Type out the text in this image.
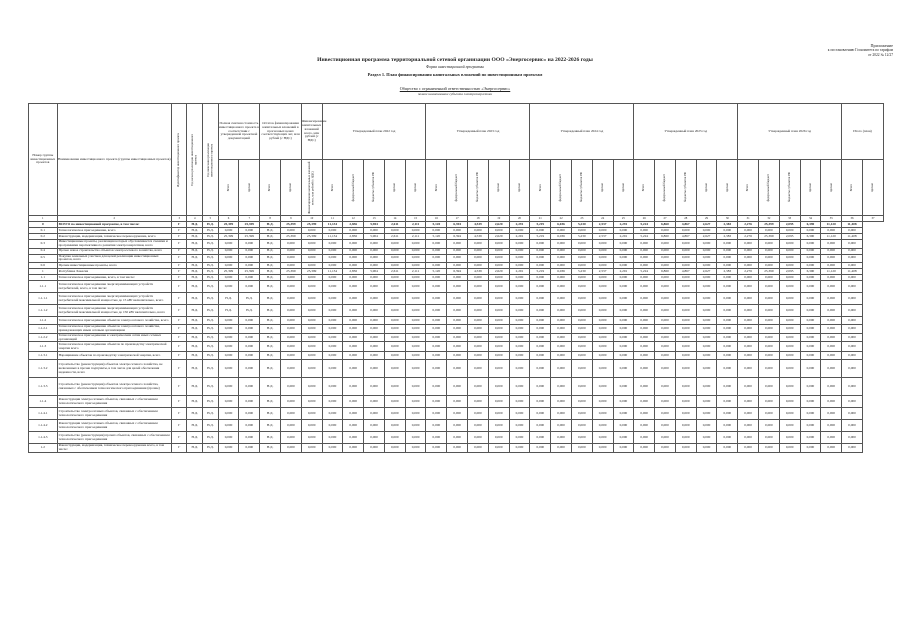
Приложение
к постановлению Госкомитета по тарифам
от 2022 № 12/27
Инвестиционная программа территориальной сетевой организации ООО «Энергосервис» на 2022-2026 годы
Форма инвестиционной программы
Раздел 1. План финансирования капитальных вложений по инвестиционным проектам
Общество с ограниченной ответственностью «Энергосервис»
полное наименование субъекта электроэнергетики
Номер группы инвестиционных проектов	Наименование инвестиционного проекта (группы инвестиционных проектов)	Идентификатор инвестиционного проекта	Год начала реализации инвестиционного проекта	Год окончания реализации инвестиционного проекта	Полная сметная стоимость инвестиционного проекта в соответствии с утвержденной проектной документацией		Остаток финансирования капитальных вложений в прогнозных ценах соответствующих лет, млн рублей (с НДС)		Финансирование капитальных вложений всего, млн рублей (с НДС)	Утвержденный план 2022 год					Утвержденный план 2023 год					Утвержденный план 2024 год					Утвержденный план 2025 год					Утвержденный план 2026 год					Итого (план)	

					Всего	прочие	Всего	прочие	Финансирование капитальных вложений всего, млн рублей (с НДС)	Всего	федеральный бюджет	бюджеты субъектов РФ	прочие	прочие	Всего	федеральный бюджет	бюджеты субъектов РФ	прочие	прочие	Всего	федеральный бюджет	бюджеты субъектов РФ	прочие	прочие	Всего	федеральный бюджет	бюджеты субъектов РФ	прочие	прочие	Всего	федеральный бюджет	бюджеты субъектов РФ	прочие	прочие	Всего	прочие

1	2	3	4	5	6	7	8	9	10	11	12	13	14	15	16	17	18	19	20	21	22	23	24	25	26	27	28	29	30	31	32	33	34	35	36	37
0	ВСЕГО по инвестиционной программе, в том числе:	Г	Н.Д.	Н.Д.	25,399	25,399	Н.Д.	25,399	25,399	11,134	2,836	5,904	2,611	2,111	5,120	6,394	4,539	2,620	2,291	5,219	6,036	5,230	2,537	2,291	5,224	6,860	4,867	2,627	2,383	2,276	25,399	2,095	6,390	11,120	11,408	
0.1	Технологическое присоединение, всего	Г	Н.Д.	Н.Д.	0,000	0,000	Н.Д.	0,000	0,000	0,000	0,000	0,000	0,000	0,000	0,000	0,000	0,000	0,000	0,000	0,000	0,000	0,000	0,000	0,000	0,000	0,000	0,000	0,000	0,000	0,000	0,000	0,000	0,000	0,000	0,000	
0.2	Реконструкция, модернизация, техническое перевооружение, всего	Г	Н.Д.	Н.Д.	25,399	25,399	Н.Д.	25,399	25,399	11,134	2,836	5,904	2,611	2,111	5,120	6,394	4,539	2,620	2,291	5,219	6,036	5,230	2,537	2,291	5,224	6,860	4,867	2,627	2,383	2,276	25,399	2,095	6,390	11,120	11,408	
0.3	Инвестиционные проекты, реализация которых обуславливается схемами и программами перспективного развития электроэнергетики, всего	Г	Н.Д.	Н.Д.	0,000	0,000	Н.Д.	0,000	0,000	0,000	0,000	0,000	0,000	0,000	0,000	0,000	0,000	0,000	0,000	0,000	0,000	0,000	0,000	0,000	0,000	0,000	0,000	0,000	0,000	0,000	0,000	0,000	0,000	0,000	0,000	
0.4	Прочее новое строительство объектов электросетевого хозяйства, всего	Г	Н.Д.	Н.Д.	0,000	0,000	Н.Д.	0,000	0,000	0,000	0,000	0,000	0,000	0,000	0,000	0,000	0,000	0,000	0,000	0,000	0,000	0,000	0,000	0,000	0,000	0,000	0,000	0,000	0,000	0,000	0,000	0,000	0,000	0,000	0,000	
0.5	Покупка земельных участков для целей реализации инвестиционных проектов, всего	Г	Н.Д.	Н.Д.	0,000	0,000	Н.Д.	0,000	0,000	0,000	0,000	0,000	0,000	0,000	0,000	0,000	0,000	0,000	0,000	0,000	0,000	0,000	0,000	0,000	0,000	0,000	0,000	0,000	0,000	0,000	0,000	0,000	0,000	0,000	0,000	
0.6	Прочие инвестиционные проекты, всего	Г	Н.Д.	Н.Д.	0,000	0,000	Н.Д.	0,000	0,000	0,000	0,000	0,000	0,000	0,000	0,000	0,000	0,000	0,000	0,000	0,000	0,000	0,000	0,000	0,000	0,000	0,000	0,000	0,000	0,000	0,000	0,000	0,000	0,000	0,000	0,000	
1	Республика Хакасия	Г	Н.Д.	Н.Д.	25,399	25,399	Н.Д.	25,399	25,399	11,134	2,836	5,904	2,611	2,111	5,120	6,394	4,539	2,620	2,291	5,219	6,036	5,230	2,537	2,291	5,224	6,860	4,867	2,627	2,383	2,276	25,399	2,095	6,390	11,120	11,408	
1.1	Технологическое присоединение, всего, в том числе:	Г	Н.Д.	Н.Д.	0,000	0,000	Н.Д.	0,000	0,000	0,000	0,000	0,000	0,000	0,000	0,000	0,000	0,000	0,000	0,000	0,000	0,000	0,000	0,000	0,000	0,000	0,000	0,000	0,000	0,000	0,000	0,000	0,000	0,000	0,000	0,000	
1.1.1	Технологическое присоединение энергопринимающих устройств потребителей, всего, в том числе:	Г	Н.Д.	Н.Д.	0,000	0,000	Н.Д.	0,000	0,000	0,000	0,000	0,000	0,000	0,000	0,000	0,000	0,000	0,000	0,000	0,000	0,000	0,000	0,000	0,000	0,000	0,000	0,000	0,000	0,000	0,000	0,000	0,000	0,000	0,000	0,000	
1.1.1.1	Технологическое присоединение энергопринимающих устройств потребителей максимальной мощностью до 15 кВт включительно, всего	Г	Н.Д.	Н.Д.	Н.Д.	Н.Д.	Н.Д.	0,000	0,000	0,000	0,000	0,000	0,000	0,000	0,000	0,000	0,000	0,000	0,000	0,000	0,000	0,000	0,000	0,000	0,000	0,000	0,000	0,000	0,000	0,000	0,000	0,000	0,000	0,000	0,000	
1.1.1.2	Технологическое присоединение энергопринимающих устройств потребителей максимальной мощностью до 150 кВт включительно, всего	Г	Н.Д.	Н.Д.	Н.Д.	Н.Д.	Н.Д.	0,000	0,000	0,000	0,000	0,000	0,000	0,000	0,000	0,000	0,000	0,000	0,000	0,000	0,000	0,000	0,000	0,000	0,000	0,000	0,000	0,000	0,000	0,000	0,000	0,000	0,000	0,000	0,000	
1.1.2	Технологическое присоединение объектов электросетевого хозяйства, всего	Г	Н.Д.	Н.Д.	0,000	0,000	Н.Д.	0,000	0,000	0,000	0,000	0,000	0,000	0,000	0,000	0,000	0,000	0,000	0,000	0,000	0,000	0,000	0,000	0,000	0,000	0,000	0,000	0,000	0,000	0,000	0,000	0,000	0,000	0,000	0,000	
1.1.2.1	Технологическое присоединение объектов электросетевого хозяйства, принадлежащих иным сетевым организациям	Г	Н.Д.	Н.Д.	0,000	0,000	Н.Д.	0,000	0,000	0,000	0,000	0,000	0,000	0,000	0,000	0,000	0,000	0,000	0,000	0,000	0,000	0,000	0,000	0,000	0,000	0,000	0,000	0,000	0,000	0,000	0,000	0,000	0,000	0,000	0,000	
1.1.2.2	Технологическое присоединение к электрическим сетям иных сетевых организаций	Г	Н.Д.	Н.Д.	0,000	0,000	Н.Д.	0,000	0,000	0,000	0,000	0,000	0,000	0,000	0,000	0,000	0,000	0,000	0,000	0,000	0,000	0,000	0,000	0,000	0,000	0,000	0,000	0,000	0,000	0,000	0,000	0,000	0,000	0,000	0,000	
1.1.3	Технологическое присоединение объектов по производству электрической энергии всего	Г	Н.Д.	Н.Д.	0,000	0,000	Н.Д.	0,000	0,000	0,000	0,000	0,000	0,000	0,000	0,000	0,000	0,000	0,000	0,000	0,000	0,000	0,000	0,000	0,000	0,000	0,000	0,000	0,000	0,000	0,000	0,000	0,000	0,000	0,000	0,000	
1.1.3.1	Наращивание объектов по производству электрической энергии, всего	Г	Н.Д.	Н.Д.	0,000	0,000	Н.Д.	0,000	0,000	0,000	0,000	0,000	0,000	0,000	0,000	0,000	0,000	0,000	0,000	0,000	0,000	0,000	0,000	0,000	0,000	0,000	0,000	0,000	0,000	0,000	0,000	0,000	0,000	0,000	0,000	
1.1.3.2	Строительство (реконструкция) объектов электросетевого хозяйства, не включенных в прочие подпункты, в том числе для целей обеспечения надежности, всего	Г	Н.Д.	Н.Д.	0,000	0,000	Н.Д.	0,000	0,000	0,000	0,000	0,000	0,000	0,000	0,000	0,000	0,000	0,000	0,000	0,000	0,000	0,000	0,000	0,000	0,000	0,000	0,000	0,000	0,000	0,000	0,000	0,000	0,000	0,000	0,000	
1.1.3.3	Строительство (реконструкция) объектов электросетевого хозяйства, связанных с обеспечением технологического присоединения (прочие)	Г	Н.Д.	Н.Д.	0,000	0,000	Н.Д.	0,000	0,000	0,000	0,000	0,000	0,000	0,000	0,000	0,000	0,000	0,000	0,000	0,000	0,000	0,000	0,000	0,000	0,000	0,000	0,000	0,000	0,000	0,000	0,000	0,000	0,000	0,000	0,000	
1.1.4	Реконструкция электросетевых объектов, связанных с обеспечением технологического присоединения	Г	Н.Д.	Н.Д.	0,000	0,000	Н.Д.	0,000	0,000	0,000	0,000	0,000	0,000	0,000	0,000	0,000	0,000	0,000	0,000	0,000	0,000	0,000	0,000	0,000	0,000	0,000	0,000	0,000	0,000	0,000	0,000	0,000	0,000	0,000	0,000	
1.1.4.1	Строительство электросетевых объектов, связанных с обеспечением технологического присоединения	Г	Н.Д.	Н.Д.	0,000	0,000	Н.Д.	0,000	0,000	0,000	0,000	0,000	0,000	0,000	0,000	0,000	0,000	0,000	0,000	0,000	0,000	0,000	0,000	0,000	0,000	0,000	0,000	0,000	0,000	0,000	0,000	0,000	0,000	0,000	0,000	
1.1.4.2	Реконструкция электросетевых объектов, связанных с обеспечением технологического присоединения	Г	Н.Д.	Н.Д.	0,000	0,000	Н.Д.	0,000	0,000	0,000	0,000	0,000	0,000	0,000	0,000	0,000	0,000	0,000	0,000	0,000	0,000	0,000	0,000	0,000	0,000	0,000	0,000	0,000	0,000	0,000	0,000	0,000	0,000	0,000	0,000	
1.1.4.3	Строительство (реконструкция) прочих объектов, связанных с обеспечением технологического присоединения	Г	Н.Д.	Н.Д.	0,000	0,000	Н.Д.	0,000	0,000	0,000	0,000	0,000	0,000	0,000	0,000	0,000	0,000	0,000	0,000	0,000	0,000	0,000	0,000	0,000	0,000	0,000	0,000	0,000	0,000	0,000	0,000	0,000	0,000	0,000	0,000	
1.2	Реконструкция, модернизация, техническое перевооружение всего, в том числе:	Г	Н.Д.	Н.Д.	0,000	0,000	Н.Д.	0,000	0,000	0,000	0,000	0,000	0,000	0,000	0,000	0,000	0,000	0,000	0,000	0,000	0,000	0,000	0,000	0,000	0,000	0,000	0,000	0,000	0,000	0,000	0,000	0,000	0,000	0,000	0,000	
